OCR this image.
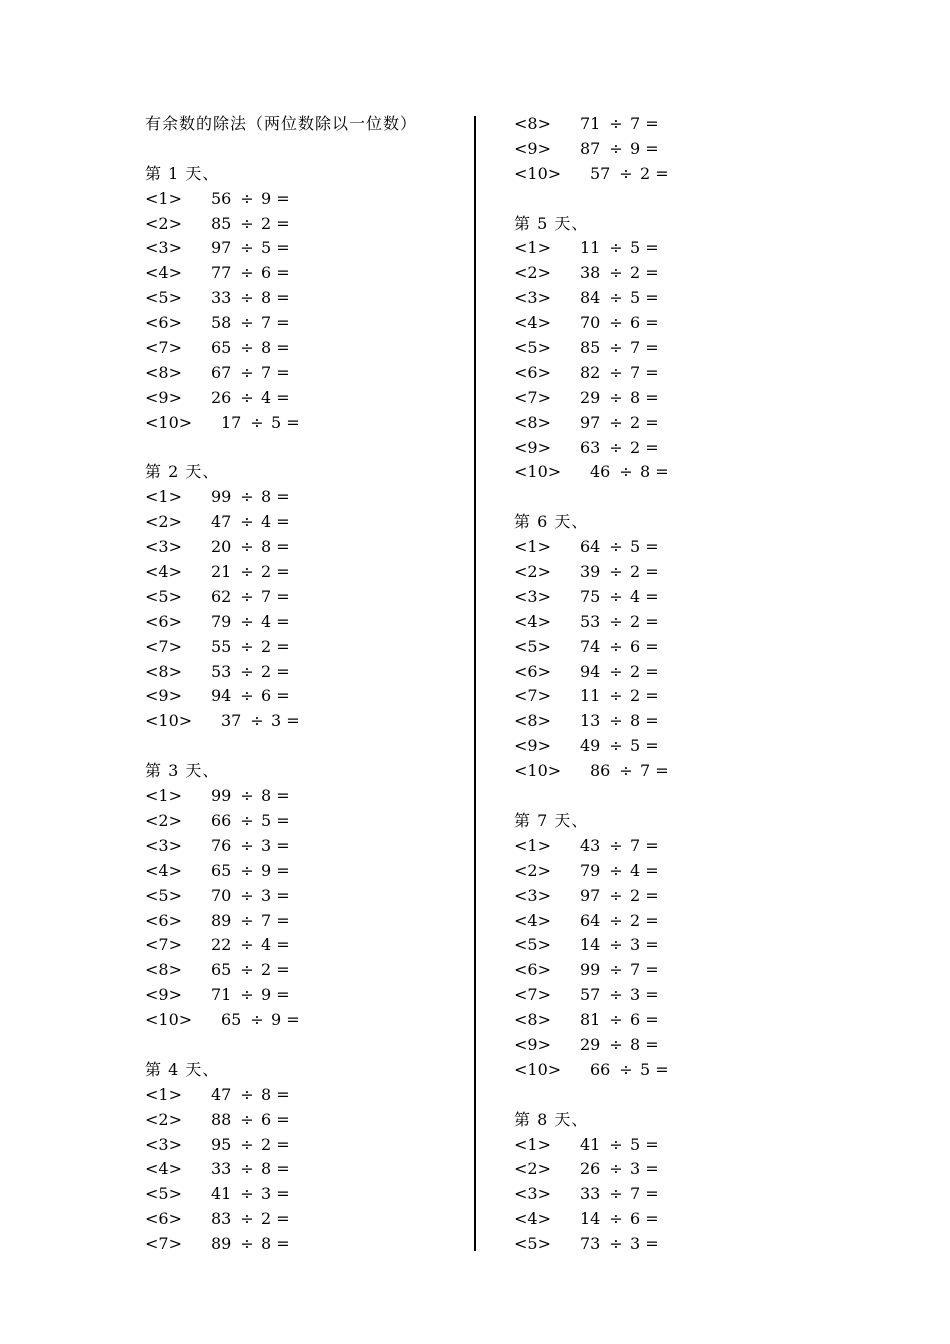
有余数的除法（两位数除以一位数）
第 1 天、
<1> 56 ÷ 9 =
<2> 85 ÷ 2 =
<3> 97 ÷ 5 =
<4> 77 ÷ 6 =
<5> 33 ÷ 8 =
<6> 58 ÷ 7 =
<7> 65 ÷ 8 =
<8> 67 ÷ 7 =
<9> 26 ÷ 4 =
<10> 17 ÷ 5 =
第 2 天、
<1> 99 ÷ 8 =
<2> 47 ÷ 4 =
<3> 20 ÷ 8 =
<4> 21 ÷ 2 =
<5> 62 ÷ 7 =
<6> 79 ÷ 4 =
<7> 55 ÷ 2 =
<8> 53 ÷ 2 =
<9> 94 ÷ 6 =
<10> 37 ÷ 3 =
第 3 天、
<1> 99 ÷ 8 =
<2> 66 ÷ 5 =
<3> 76 ÷ 3 =
<4> 65 ÷ 9 =
<5> 70 ÷ 3 =
<6> 89 ÷ 7 =
<7> 22 ÷ 4 =
<8> 65 ÷ 2 =
<9> 71 ÷ 9 =
<10> 65 ÷ 9 =
第 4 天、
<1> 47 ÷ 8 =
<2> 88 ÷ 6 =
<3> 95 ÷ 2 =
<4> 33 ÷ 8 =
<5> 41 ÷ 3 =
<6> 83 ÷ 2 =
<7> 89 ÷ 8 =
<8> 71 ÷ 7 =
<9> 87 ÷ 9 =
<10> 57 ÷ 2 =
第 5 天、
<1> 11 ÷ 5 =
<2> 38 ÷ 2 =
<3> 84 ÷ 5 =
<4> 70 ÷ 6 =
<5> 85 ÷ 7 =
<6> 82 ÷ 7 =
<7> 29 ÷ 8 =
<8> 97 ÷ 2 =
<9> 63 ÷ 2 =
<10> 46 ÷ 8 =
第 6 天、
<1> 64 ÷ 5 =
<2> 39 ÷ 2 =
<3> 75 ÷ 4 =
<4> 53 ÷ 2 =
<5> 74 ÷ 6 =
<6> 94 ÷ 2 =
<7> 11 ÷ 2 =
<8> 13 ÷ 8 =
<9> 49 ÷ 5 =
<10> 86 ÷ 7 =
第 7 天、
<1> 43 ÷ 7 =
<2> 79 ÷ 4 =
<3> 97 ÷ 2 =
<4> 64 ÷ 2 =
<5> 14 ÷ 3 =
<6> 99 ÷ 7 =
<7> 57 ÷ 3 =
<8> 81 ÷ 6 =
<9> 29 ÷ 8 =
<10> 66 ÷ 5 =
第 8 天、
<1> 41 ÷ 5 =
<2> 26 ÷ 3 =
<3> 33 ÷ 7 =
<4> 14 ÷ 6 =
<5> 73 ÷ 3 =
